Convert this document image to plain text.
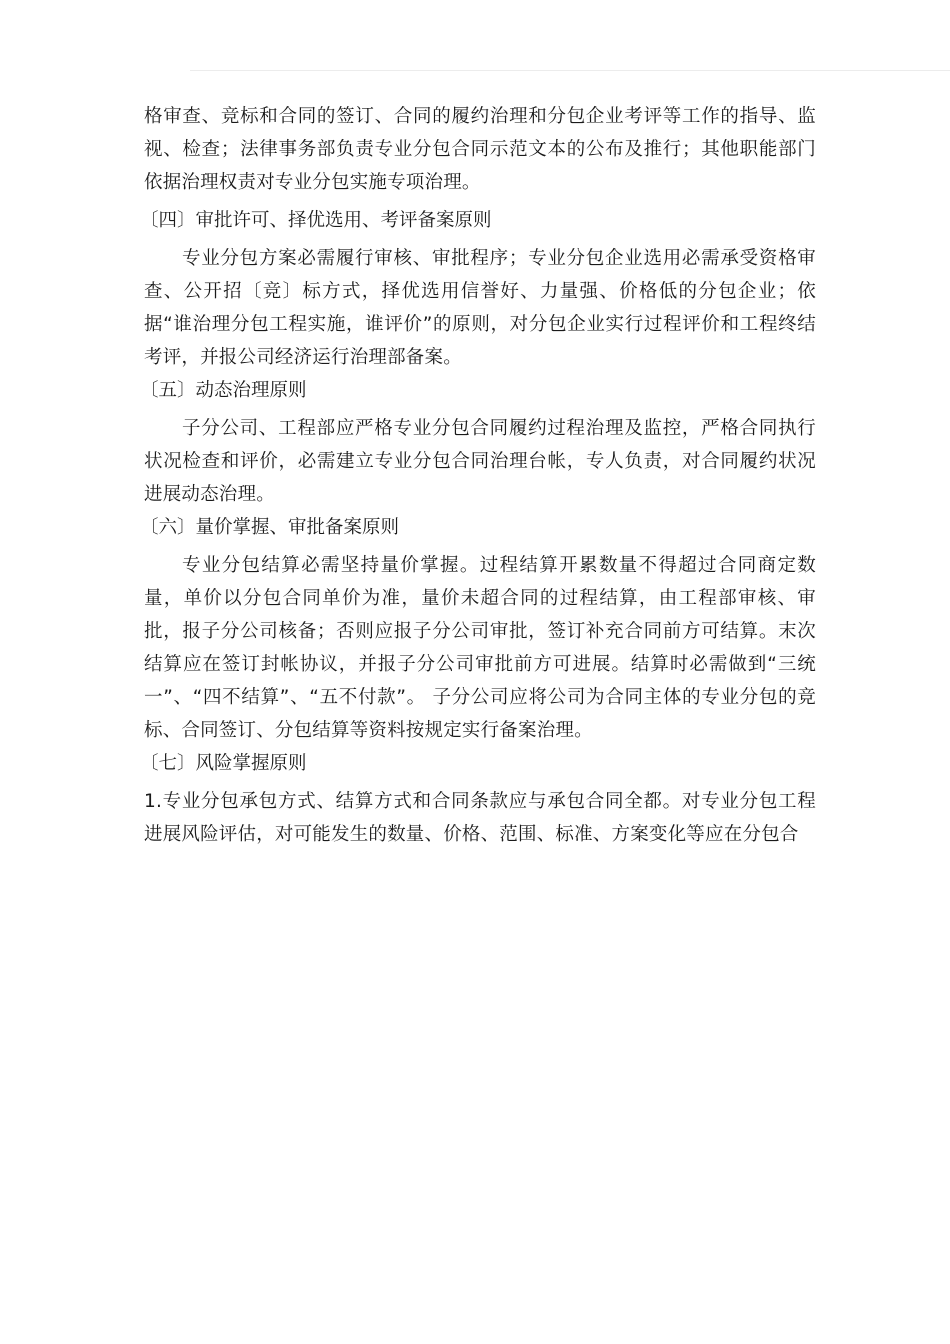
格审查、竞标和合同的签订、合同的履约治理和分包企业考评等工作的指导、监视、检查；法律事务部负责专业分包合同示范文本的公布及推行；其他职能部门依据治理权责对专业分包实施专项治理。

〔四〕审批许可、择优选用、考评备案原则

专业分包方案必需履行审核、审批程序；专业分包企业选用必需承受资格审查、公开招〔竞〕标方式，择优选用信誉好、力量强、价格低的分包企业；依据“谁治理分包工程实施，谁评价”的原则，对分包企业实行过程评价和工程终结考评，并报公司经济运行治理部备案。

〔五〕动态治理原则

子分公司、工程部应严格专业分包合同履约过程治理及监控，严格合同执行状况检查和评价，必需建立专业分包合同治理台帐，专人负责，对合同履约状况进展动态治理。

〔六〕量价掌握、审批备案原则

专业分包结算必需坚持量价掌握。过程结算开累数量不得超过合同商定数量，单价以分包合同单价为准，量价未超合同的过程结算，由工程部审核、审批，报子分公司核备；否则应报子分公司审批，签订补充合同前方可结算。末次结算应在签订封帐协议，并报子分公司审批前方可进展。结算时必需做到“三统一”、“四不结算”、“五不付款”。 子分公司应将公司为合同主体的专业分包的竞标、合同签订、分包结算等资料按规定实行备案治理。

〔七〕风险掌握原则

1.专业分包承包方式、结算方式和合同条款应与承包合同全都。对专业分包工程进展风险评估，对可能发生的数量、价格、范围、标准、方案变化等应在分包合
